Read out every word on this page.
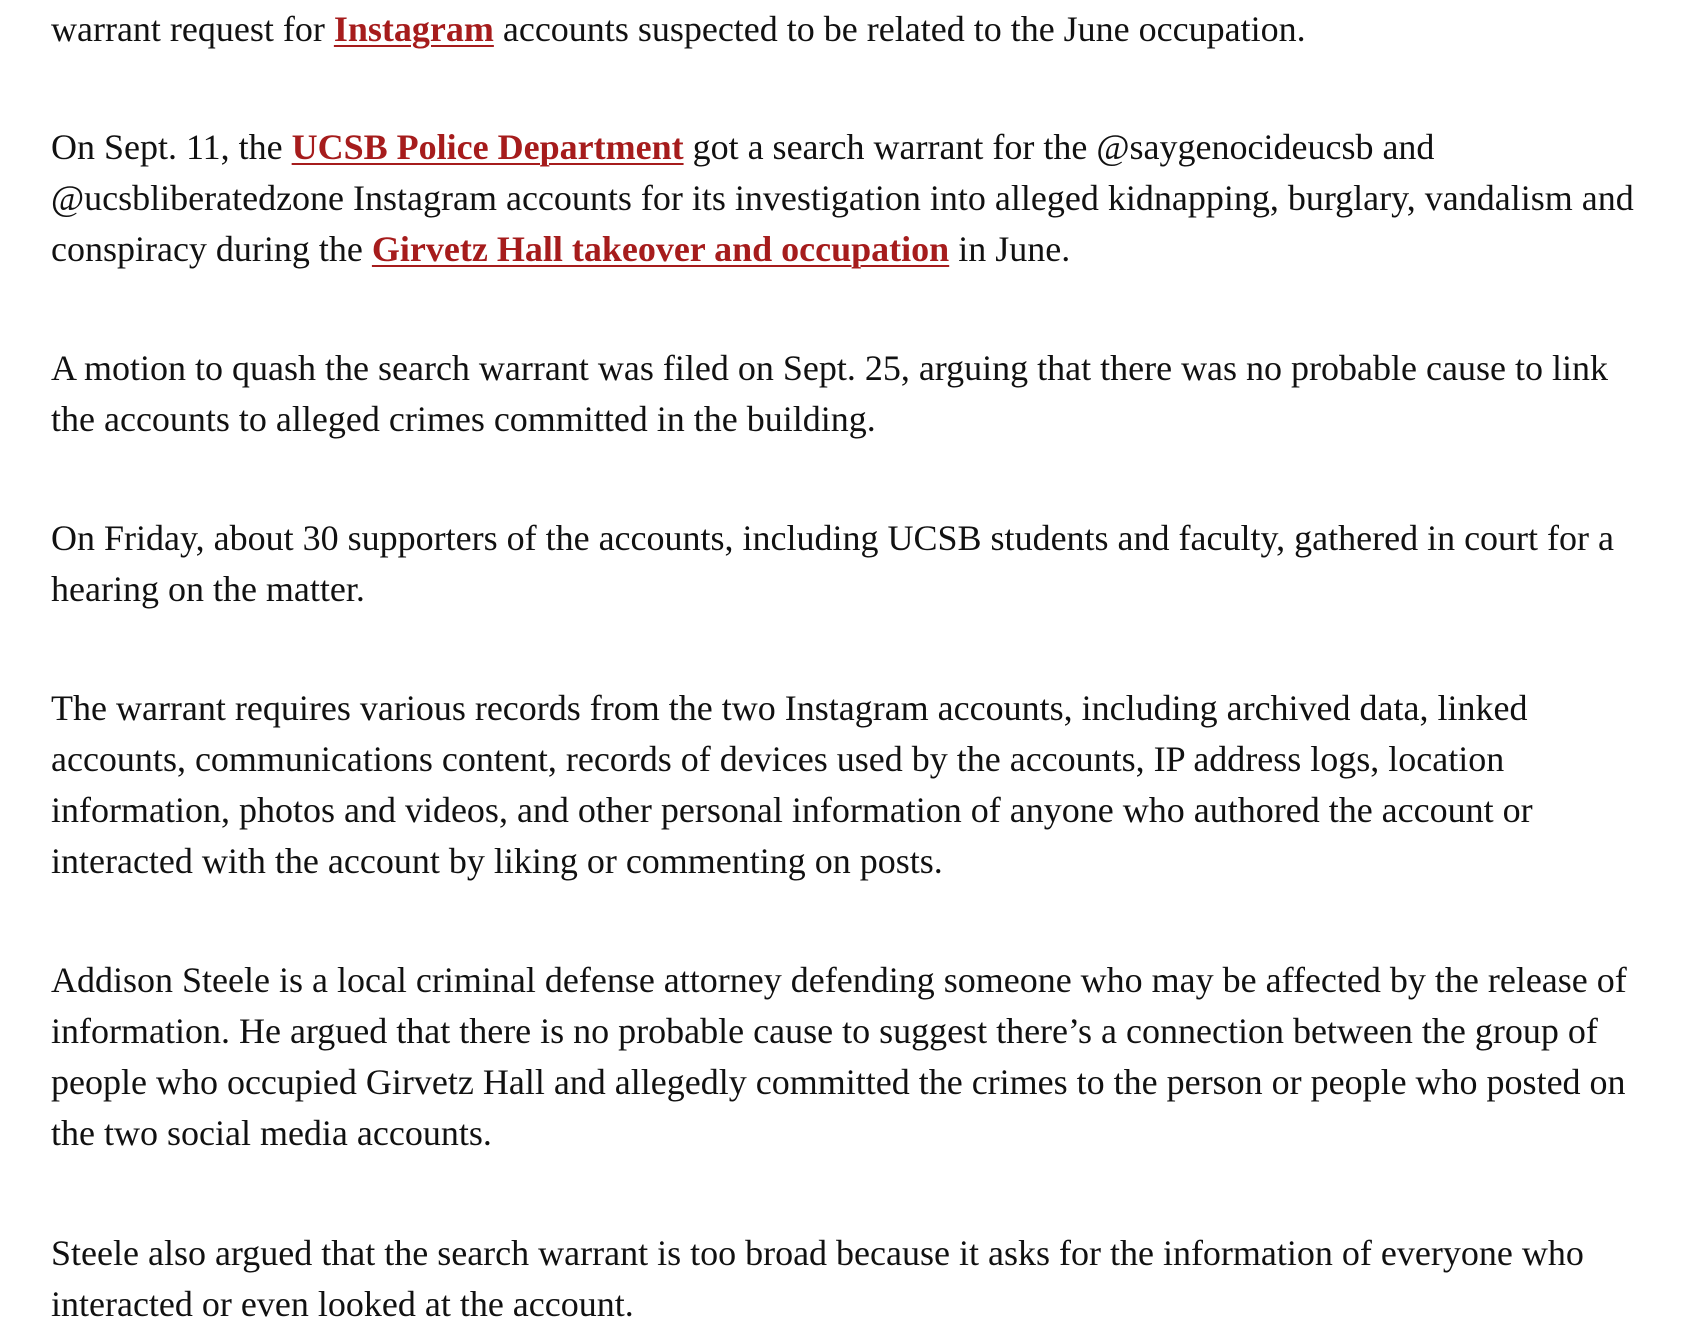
warrant request for Instagram accounts suspected to be related to the June occupation.

On Sept. 11, the UCSB Police Department got a search warrant for the @saygenocideucsb and
@ucsbliberatedzone Instagram accounts for its investigation into alleged kidnapping, burglary, vandalism and
conspiracy during the Girvetz Hall takeover and occupation in June.

A motion to quash the search warrant was filed on Sept. 25, arguing that there was no probable cause to link
the accounts to alleged crimes committed in the building.

On Friday, about 30 supporters of the accounts, including UCSB students and faculty, gathered in court for a
hearing on the matter.

The warrant requires various records from the two Instagram accounts, including archived data, linked
accounts, communications content, records of devices used by the accounts, IP address logs, location
information, photos and videos, and other personal information of anyone who authored the account or
interacted with the account by liking or commenting on posts.

Addison Steele is a local criminal defense attorney defending someone who may be affected by the release of
information. He argued that there is no probable cause to suggest there’s a connection between the group of
people who occupied Girvetz Hall and allegedly committed the crimes to the person or people who posted on
the two social media accounts.

Steele also argued that the search warrant is too broad because it asks for the information of everyone who
interacted or even looked at the account.
